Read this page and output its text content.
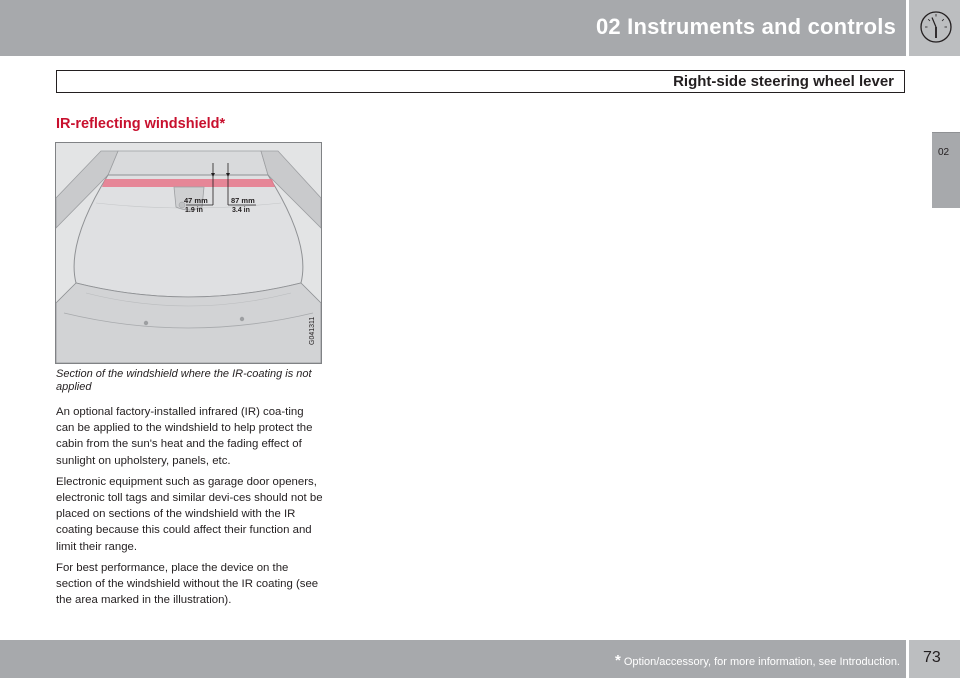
02 Instruments and controls
Right-side steering wheel lever
02
IR-reflecting windshield*
47 mm
1.9 in
87 mm
3.4 in
G041311
Section of the windshield where the IR-coating is not applied

An optional factory-installed infrared (IR) coa-ting can be applied to the windshield to help protect the cabin from the sun's heat and the fading effect of sunlight on upholstery, panels, etc.

Electronic equipment such as garage door openers, electronic toll tags and similar devi-ces should not be placed on sections of the windshield with the IR coating because this could affect their function and limit their range.

For best performance, place the device on the section of the windshield without the IR coating (see the area marked in the illustration).

* Option/accessory, for more information, see Introduction. 73
